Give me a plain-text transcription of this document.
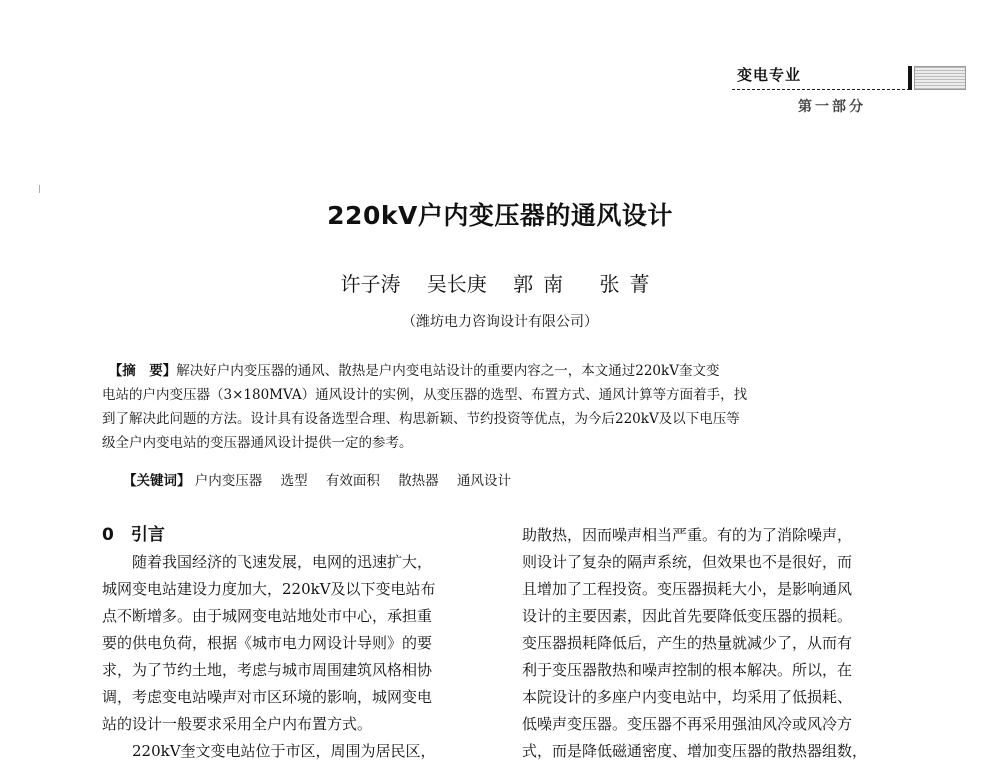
变电专业
第一部分
220kV户内变压器的通风设计
许子涛 吴长庚 郭南 张菁
（潍坊电力咨询设计有限公司）
　【摘　要】解决好户内变压器的通风、散热是户内变电站设计的重要内容之一，本文通过220kV奎文变
电站的户内变压器（3×180MVA）通风设计的实例，从变压器的选型、布置方式、通风计算等方面着手，找
到了解决此问题的方法。设计具有设备选型合理、构思新颖、节约投资等优点，为今后220kV及以下电压等
级全户内变电站的变压器通风设计提供一定的参考。
【关键词】 户内变压器 选型 有效面积 散热器 通风设计
0　引言
　　随着我国经济的飞速发展，电网的迅速扩大，
城网变电站建设力度加大，220kV及以下变电站布
点不断增多。由于城网变电站地处市中心，承担重
要的供电负荷，根据《城市电力网设计导则》的要
求，为了节约土地，考虑与城市周围建筑风格相协
调，考虑变电站噪声对市区环境的影响，城网变电
站的设计一般要求采用全户内布置方式。
　　220kV奎文变电站位于市区，周围为居民区，
助散热，因而噪声相当严重。有的为了消除噪声，
则设计了复杂的隔声系统，但效果也不是很好，而
且增加了工程投资。变压器损耗大小，是影响通风
设计的主要因素，因此首先要降低变压器的损耗。
变压器损耗降低后，产生的热量就减少了，从而有
利于变压器散热和噪声控制的根本解决。所以，在
本院设计的多座户内变电站中，均采用了低损耗、
低噪声变压器。变压器不再采用强油风冷或风冷方
式，而是降低磁通密度、增加变压器的散热器组数，
